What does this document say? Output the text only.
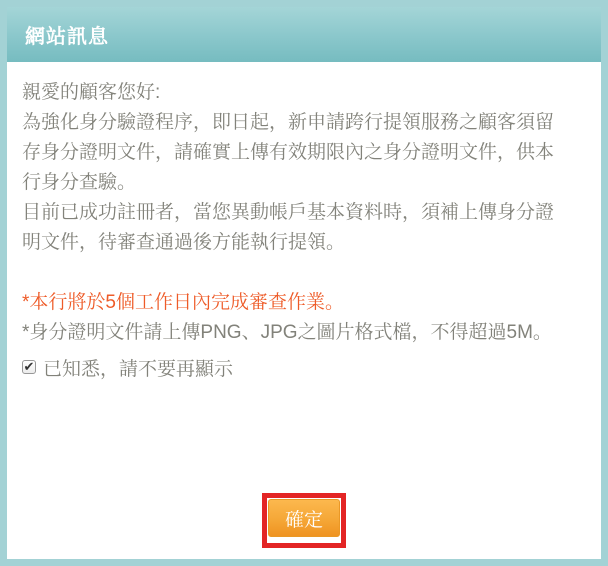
網站訊息
親愛的顧客您好:
為強化身分驗證程序，即日起，新申請跨行提領服務之顧客須留
存身分證明文件，請確實上傳有效期限內之身分證明文件，供本
行身分查驗。
目前已成功註冊者，當您異動帳戶基本資料時，須補上傳身分證
明文件，待審查通過後方能執行提領。
*本行將於5個工作日內完成審查作業。
*身分證明文件請上傳PNG、JPG之圖片格式檔，不得超過5M。
✔ 已知悉，請不要再顯示
確定
